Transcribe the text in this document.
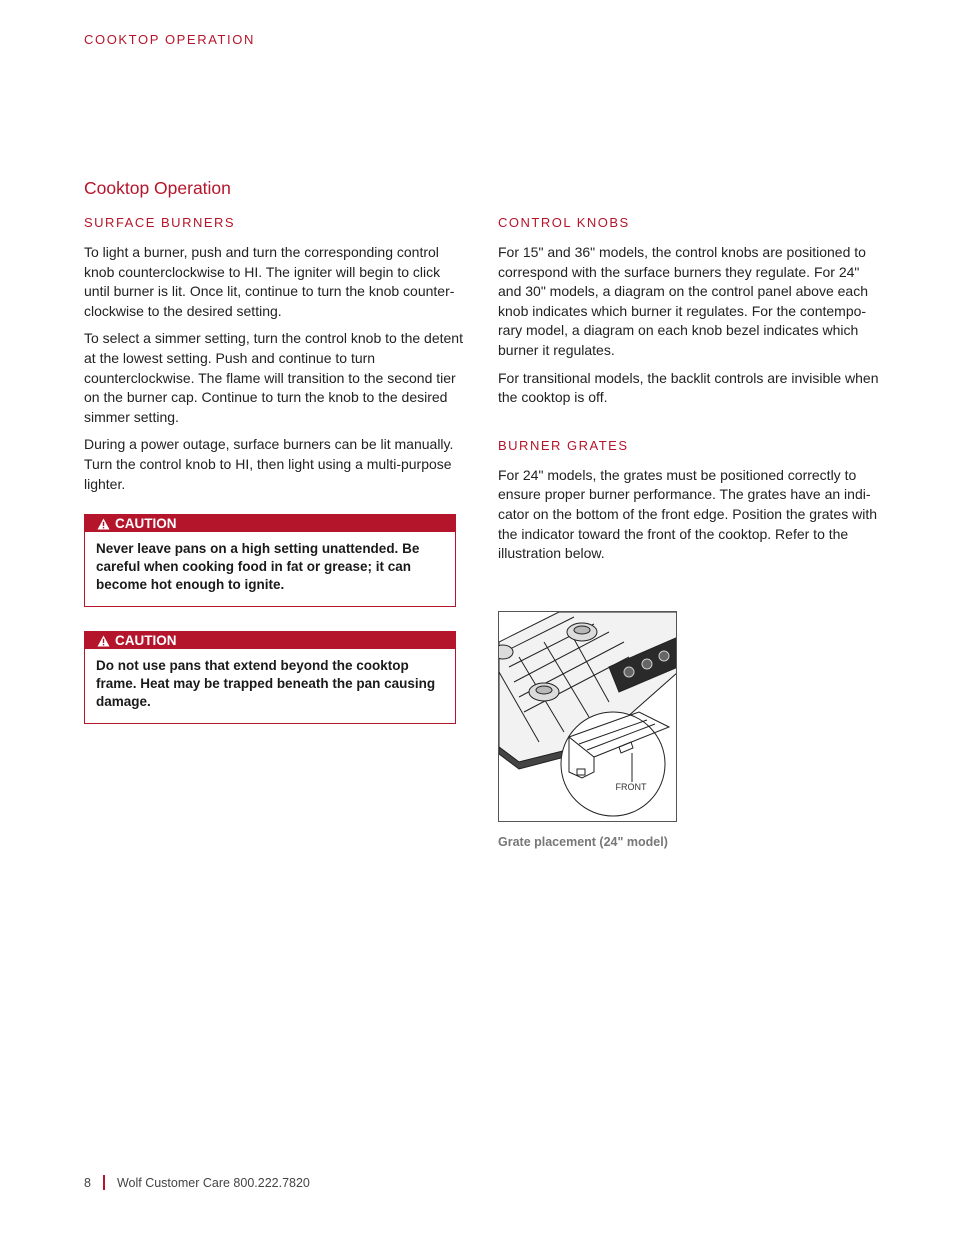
COOKTOP OPERATION
Cooktop Operation
SURFACE BURNERS

To light a burner, push and turn the corresponding control knob counterclockwise to HI. The igniter will begin to click until burner is lit. Once lit, continue to turn the knob counter-clockwise to the desired setting.

To select a simmer setting, turn the control knob to the detent at the lowest setting. Push and continue to turn counterclockwise. The flame will transition to the second tier on the burner cap. Continue to turn the knob to the desired simmer setting.

During a power outage, surface burners can be lit manually. Turn the control knob to HI, then light using a multi-purpose lighter.

CAUTION
Never leave pans on a high setting unattended. Be careful when cooking food in fat or grease; it can become hot enough to ignite.
CAUTION
Do not use pans that extend beyond the cooktop frame. Heat may be trapped beneath the pan causing damage.
CONTROL KNOBS

For 15" and 36" models, the control knobs are positioned to correspond with the surface burners they regulate. For 24" and 30" models, a diagram on the control panel above each knob indicates which burner it regulates. For the contempo-rary model, a diagram on each knob bezel indicates which burner it regulates.

For transitional models, the backlit controls are invisible when the cooktop is off.

BURNER GRATES

For 24" models, the grates must be positioned correctly to ensure proper burner performance. The grates have an indi-cator on the bottom of the front edge. Position the grates with the indicator toward the front of the cooktop. Refer to the illustration below.

FRONT
Grate placement (24" model)
8 Wolf Customer Care 800.222.7820
